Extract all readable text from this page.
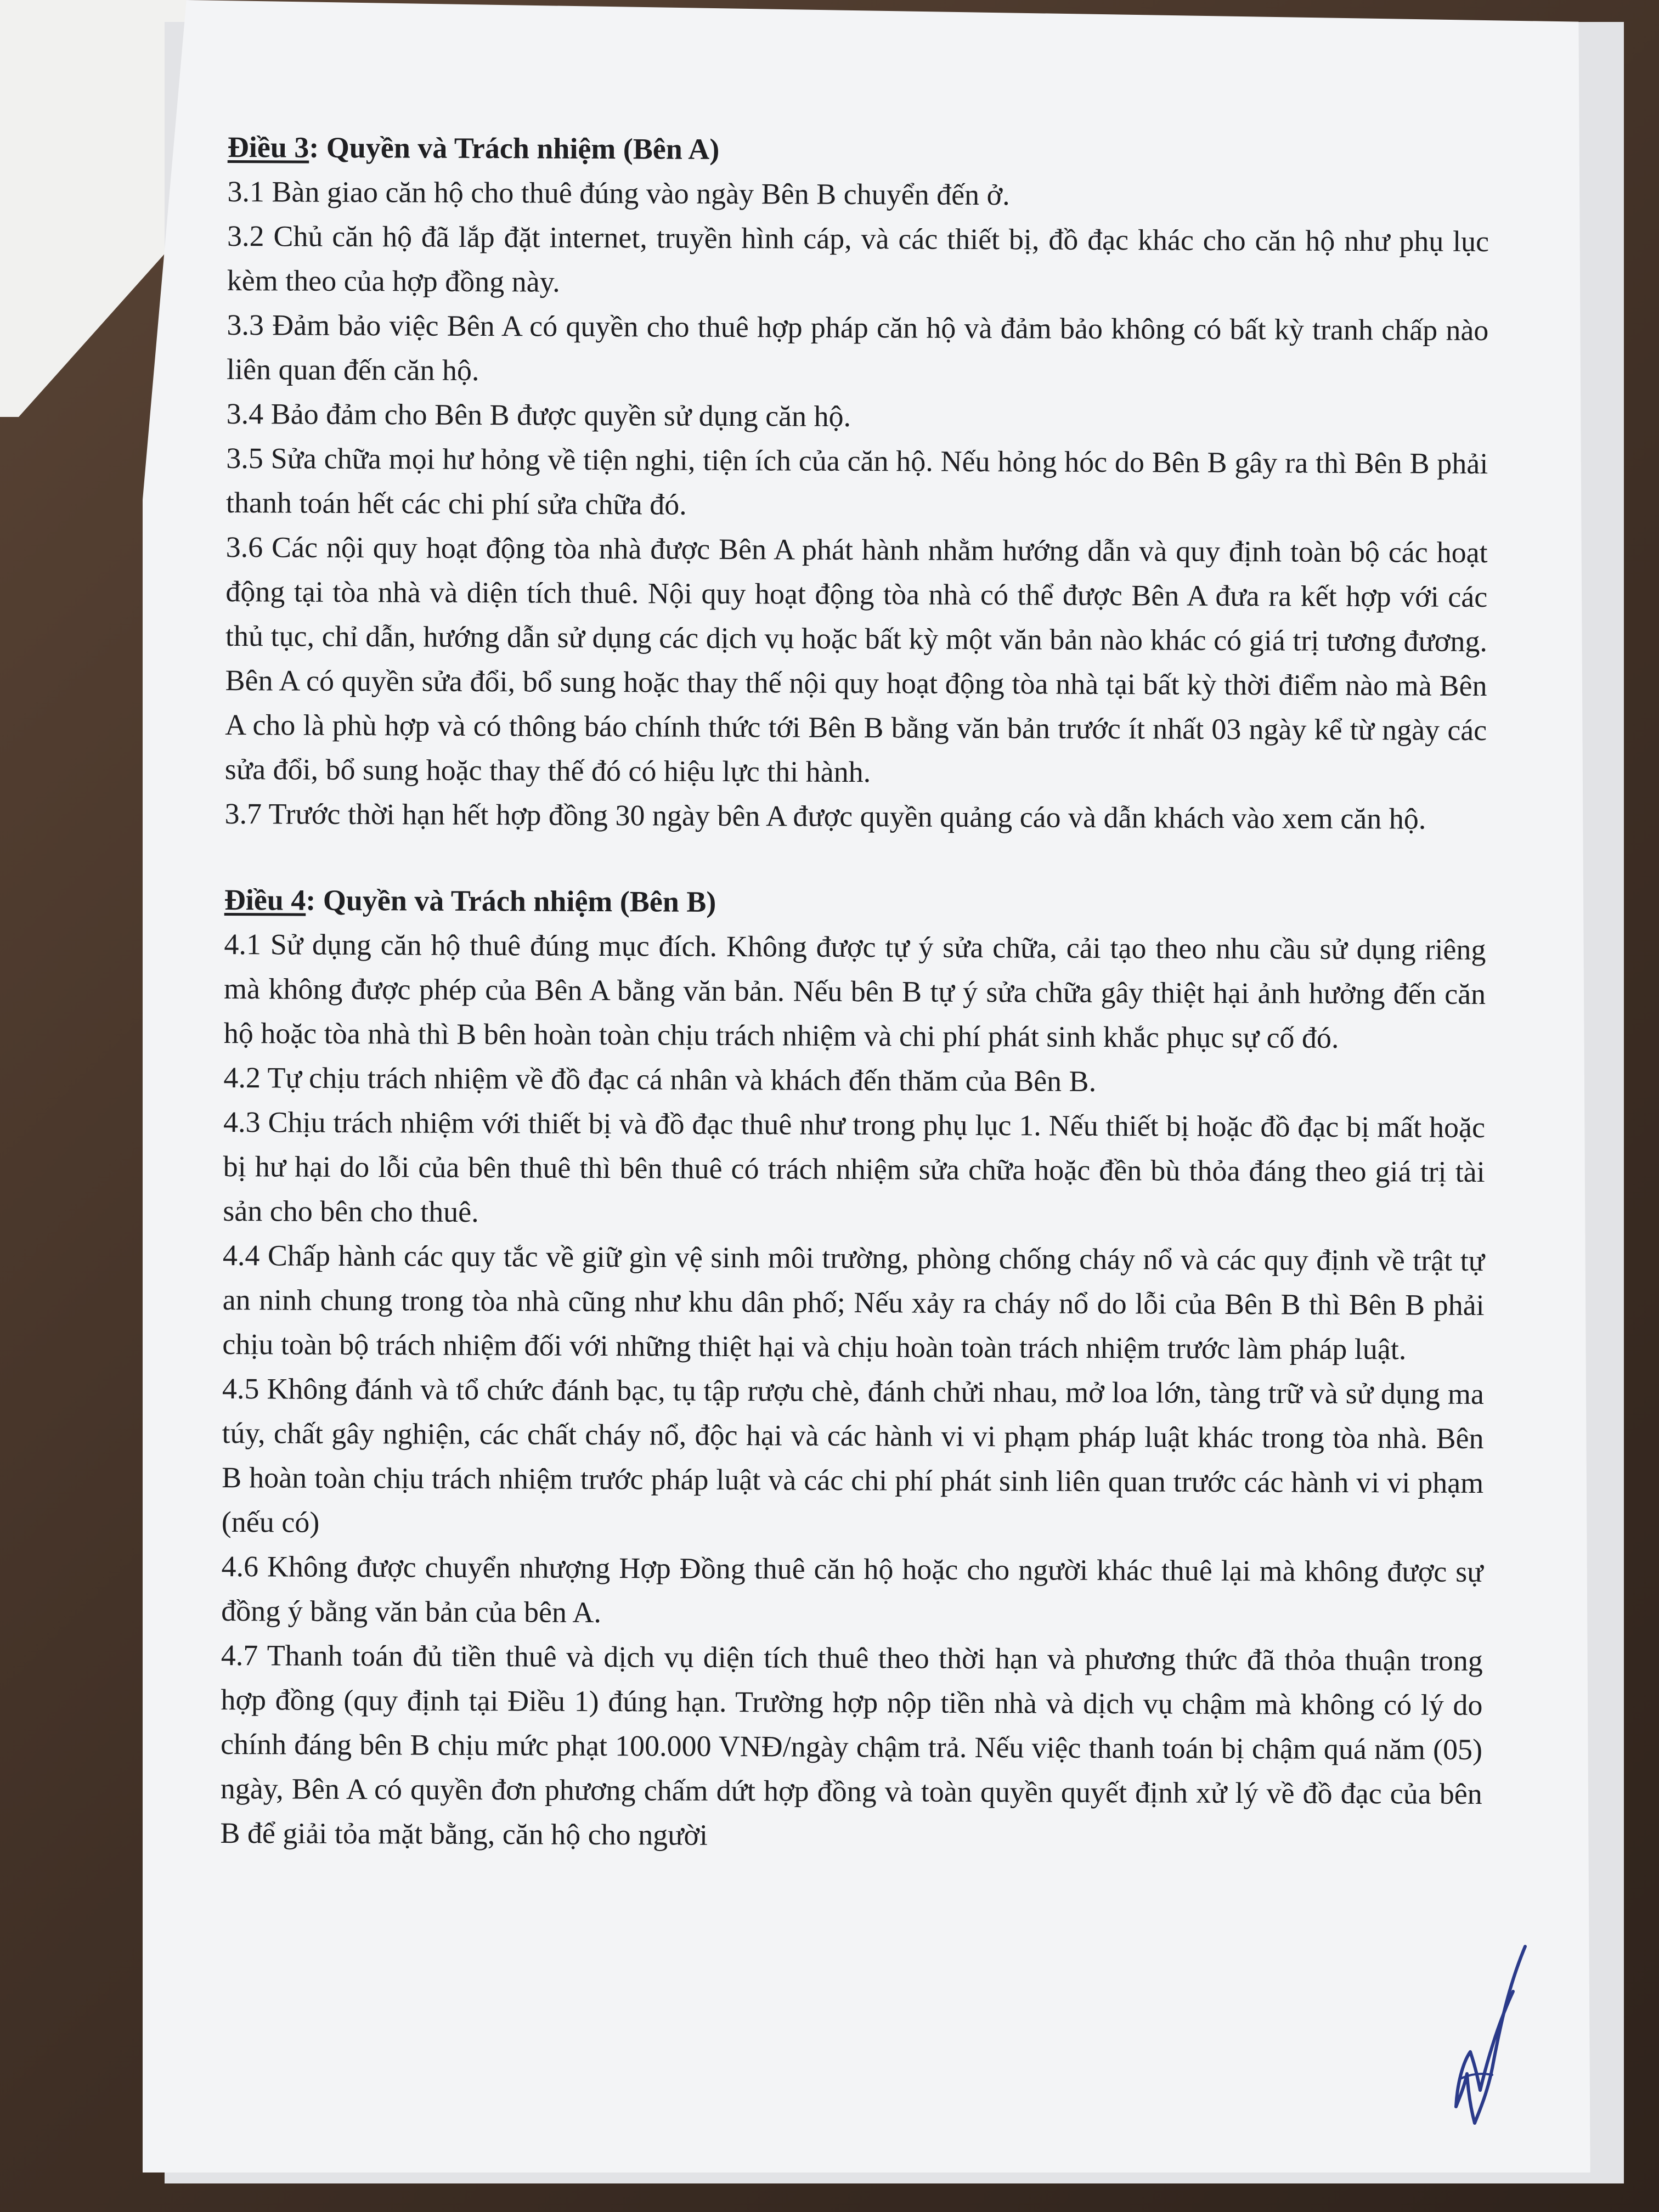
Điều 3: Quyền và Trách nhiệm (Bên A)

3.1 Bàn giao căn hộ cho thuê đúng vào ngày Bên B chuyển đến ở.

3.2 Chủ căn hộ đã lắp đặt internet, truyền hình cáp, và các thiết bị, đồ đạc khác cho căn hộ như phụ lục kèm theo của hợp đồng này.

3.3 Đảm bảo việc Bên A có quyền cho thuê hợp pháp căn hộ và đảm bảo không có bất kỳ tranh chấp nào liên quan đến căn hộ.

3.4 Bảo đảm cho Bên B được quyền sử dụng căn hộ.

3.5 Sửa chữa mọi hư hỏng về tiện nghi, tiện ích của căn hộ. Nếu hỏng hóc do Bên B gây ra thì Bên B phải thanh toán hết các chi phí sửa chữa đó.

3.6 Các nội quy hoạt động tòa nhà được Bên A phát hành nhằm hướng dẫn và quy định toàn bộ các hoạt động tại tòa nhà và diện tích thuê. Nội quy hoạt động tòa nhà có thể được Bên A đưa ra kết hợp với các thủ tục, chỉ dẫn, hướng dẫn sử dụng các dịch vụ hoặc bất kỳ một văn bản nào khác có giá trị tương đương. Bên A có quyền sửa đổi, bổ sung hoặc thay thế nội quy hoạt động tòa nhà tại bất kỳ thời điểm nào mà Bên A cho là phù hợp và có thông báo chính thức tới Bên B bằng văn bản trước ít nhất 03 ngày kể từ ngày các sửa đổi, bổ sung hoặc thay thế đó có hiệu lực thi hành.

3.7 Trước thời hạn hết hợp đồng 30 ngày bên A được quyền quảng cáo và dẫn khách vào xem căn hộ.

Điều 4: Quyền và Trách nhiệm (Bên B)

4.1 Sử dụng căn hộ thuê đúng mục đích. Không được tự ý sửa chữa, cải tạo theo nhu cầu sử dụng riêng mà không được phép của Bên A bằng văn bản. Nếu bên B tự ý sửa chữa gây thiệt hại ảnh hưởng đến căn hộ hoặc tòa nhà thì B bên hoàn toàn chịu trách nhiệm và chi phí phát sinh khắc phục sự cố đó.

4.2 Tự chịu trách nhiệm về đồ đạc cá nhân và khách đến thăm của Bên B.

4.3 Chịu trách nhiệm với thiết bị và đồ đạc thuê như trong phụ lục 1. Nếu thiết bị hoặc đồ đạc bị mất hoặc bị hư hại do lỗi của bên thuê thì bên thuê có trách nhiệm sửa chữa hoặc đền bù thỏa đáng theo giá trị tài sản cho bên cho thuê.

4.4 Chấp hành các quy tắc về giữ gìn vệ sinh môi trường, phòng chống cháy nổ và các quy định về trật tự an ninh chung trong tòa nhà cũng như khu dân phố; Nếu xảy ra cháy nổ do lỗi của Bên B thì Bên B phải chịu toàn bộ trách nhiệm đối với những thiệt hại và chịu hoàn toàn trách nhiệm trước làm pháp luật.

4.5 Không đánh và tổ chức đánh bạc, tụ tập rượu chè, đánh chửi nhau, mở loa lớn, tàng trữ và sử dụng ma túy, chất gây nghiện, các chất cháy nổ, độc hại và các hành vi vi phạm pháp luật khác trong tòa nhà. Bên B hoàn toàn chịu trách nhiệm trước pháp luật và các chi phí phát sinh liên quan trước các hành vi vi phạm (nếu có)

4.6 Không được chuyển nhượng Hợp Đồng thuê căn hộ hoặc cho người khác thuê lại mà không được sự đồng ý bằng văn bản của bên A.

4.7 Thanh toán đủ tiền thuê và dịch vụ diện tích thuê theo thời hạn và phương thức đã thỏa thuận trong hợp đồng (quy định tại Điều 1) đúng hạn. Trường hợp nộp tiền nhà và dịch vụ chậm mà không có lý do chính đáng bên B chịu mức phạt 100.000 VNĐ/ngày chậm trả. Nếu việc thanh toán bị chậm quá năm (05) ngày, Bên A có quyền đơn phương chấm dứt hợp đồng và toàn quyền quyết định xử lý về đồ đạc của bên B để giải tỏa mặt bằng, căn hộ cho người
